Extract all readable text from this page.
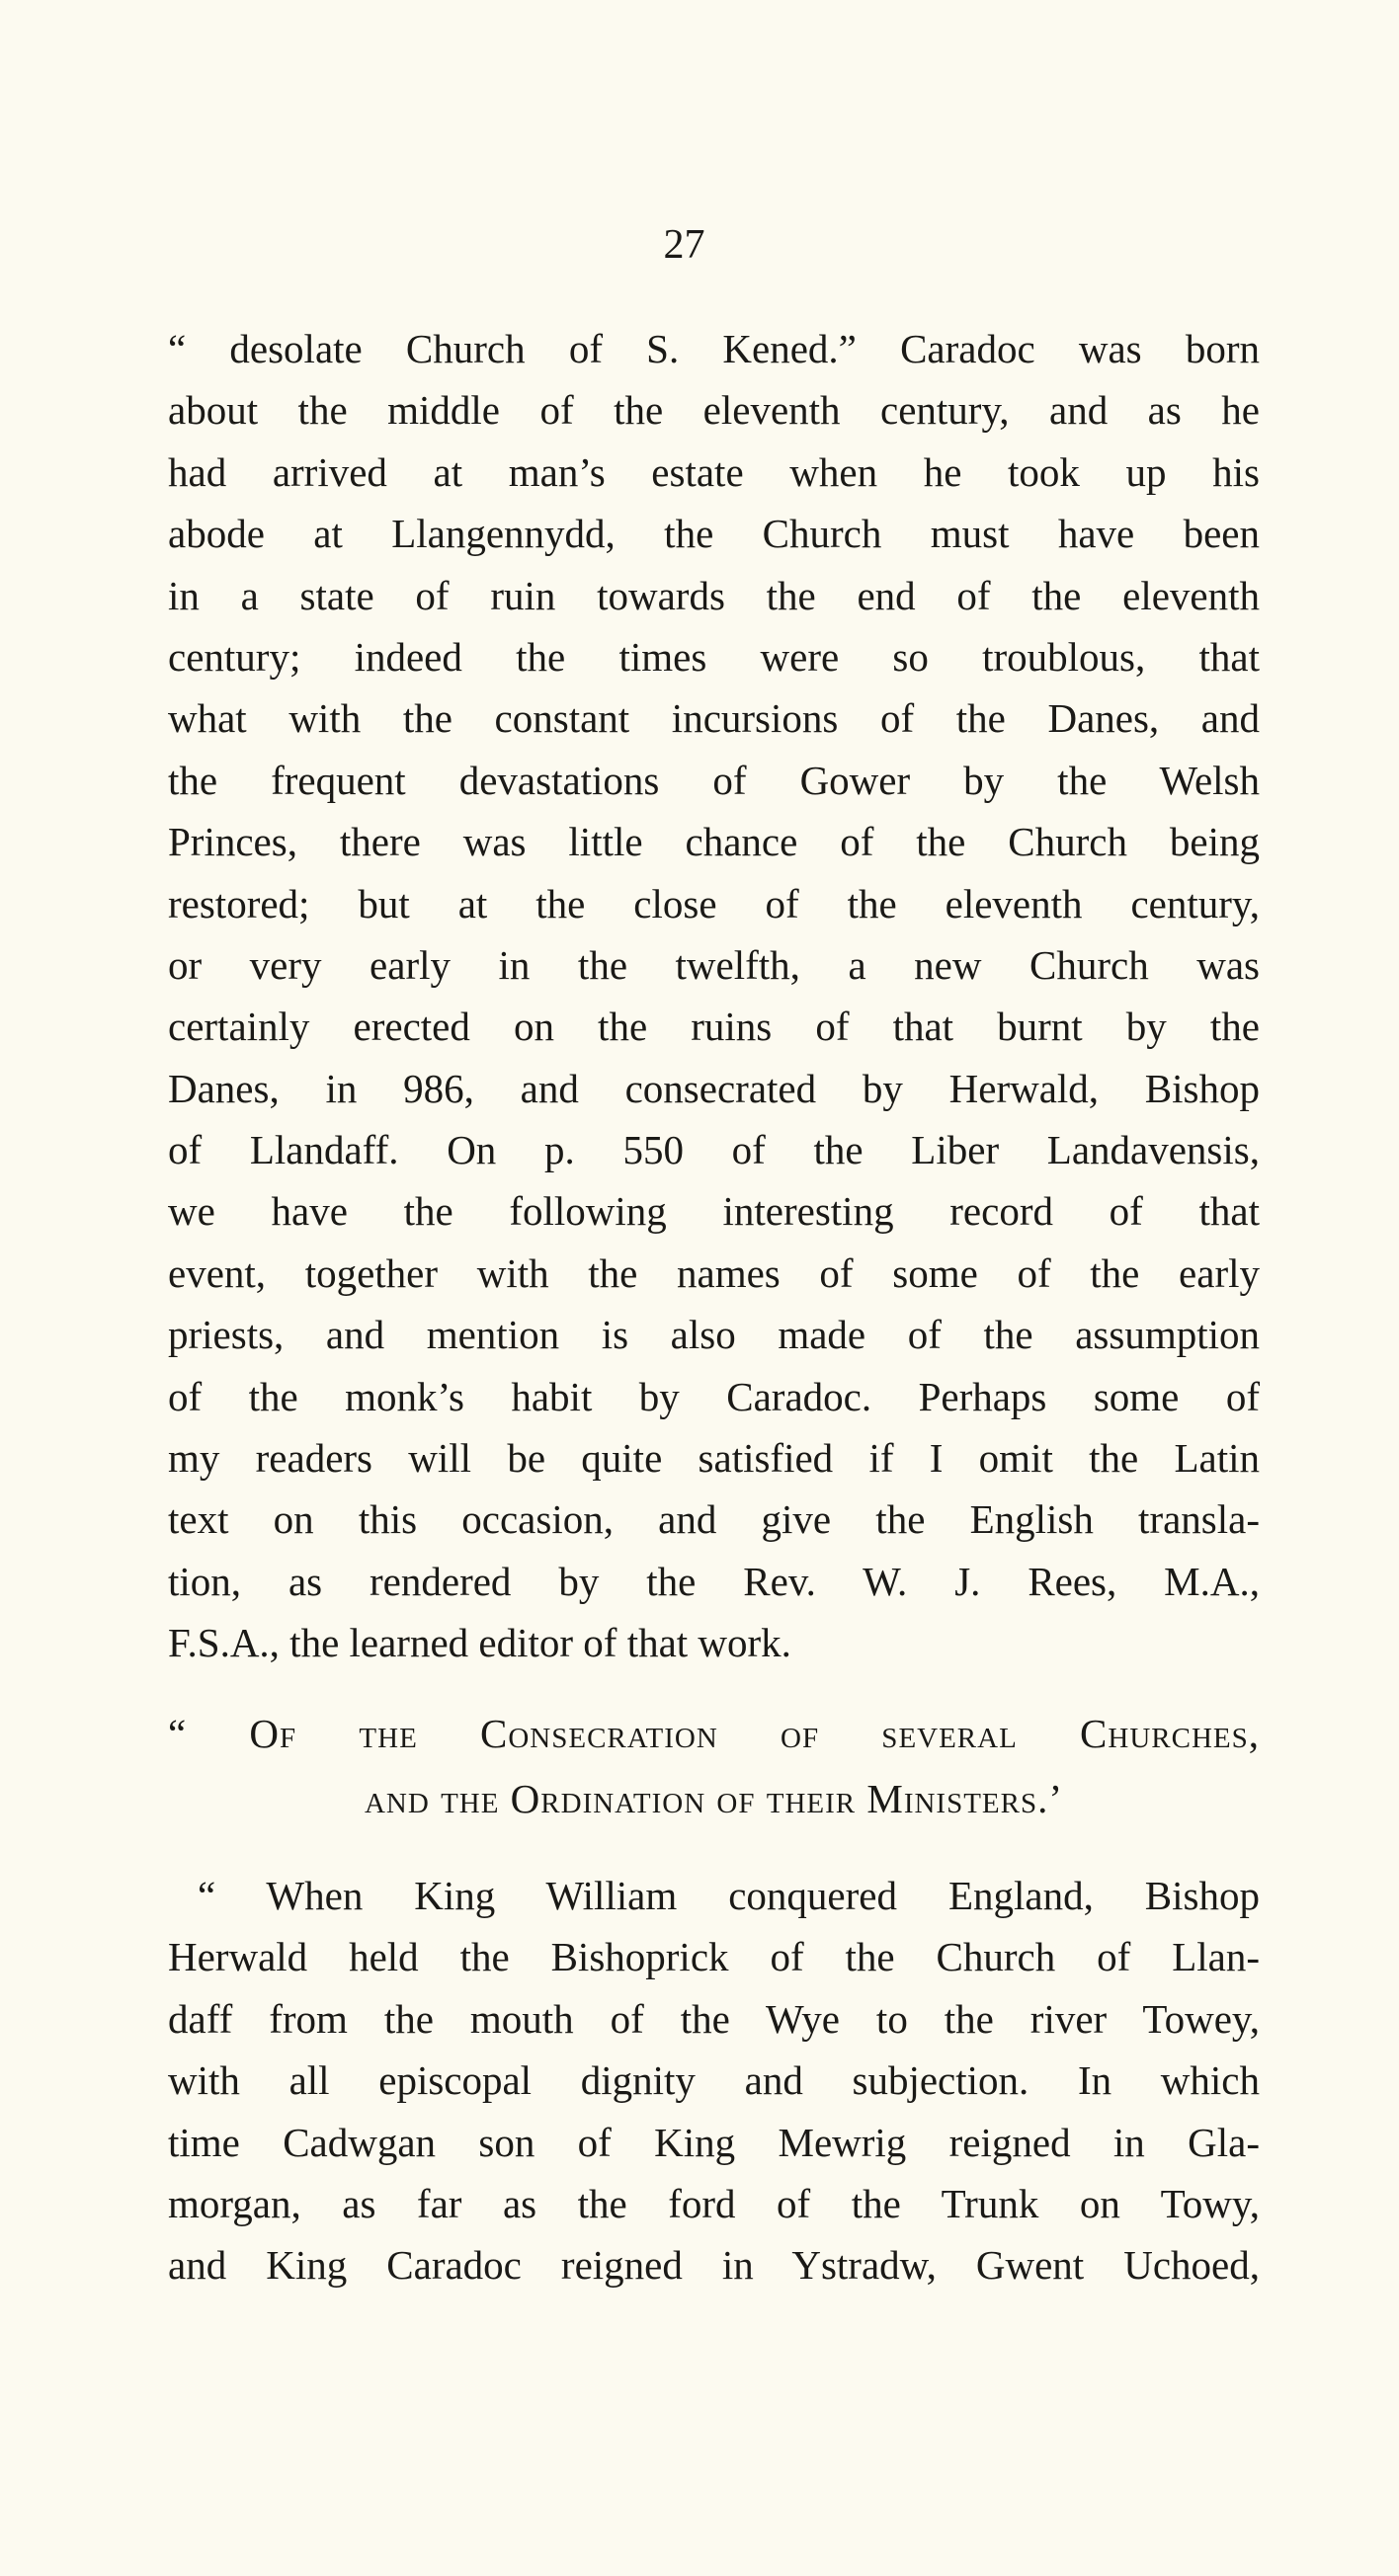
27
“ desolate Church of S. Kened.” Caradoc was born
about the middle of the eleventh century, and as he
had arrived at man’s estate when he took up his
abode at Llangennydd, the Church must have been
in a state of ruin towards the end of the eleventh
century; indeed the times were so troublous, that
what with the constant incursions of the Danes, and
the frequent devastations of Gower by the Welsh
Princes, there was little chance of the Church being
restored; but at the close of the eleventh century,
or very early in the twelfth, a new Church was
certainly erected on the ruins of that burnt by the
Danes, in 986, and consecrated by Herwald, Bishop
of Llandaff. On p. 550 of the Liber Landavensis,
we have the following interesting record of that
event, together with the names of some of the early
priests, and mention is also made of the assumption
of the monk’s habit by Caradoc. Perhaps some of
my readers will be quite satisfied if I omit the Latin
text on this occasion, and give the English transla-
tion, as rendered by the Rev. W. J. Rees, M.A.,
F.S.A., the learned editor of that work.
“ Of the Consecration of several Churches,
and the Ordination of their Ministers.’
“ When King William conquered England, Bishop
Herwald held the Bishoprick of the Church of Llan-
daff from the mouth of the Wye to the river Towey,
with all episcopal dignity and subjection. In which
time Cadwgan son of King Mewrig reigned in Gla-
morgan, as far as the ford of the Trunk on Towy,
and King Caradoc reigned in Ystradw, Gwent Uchoed,
